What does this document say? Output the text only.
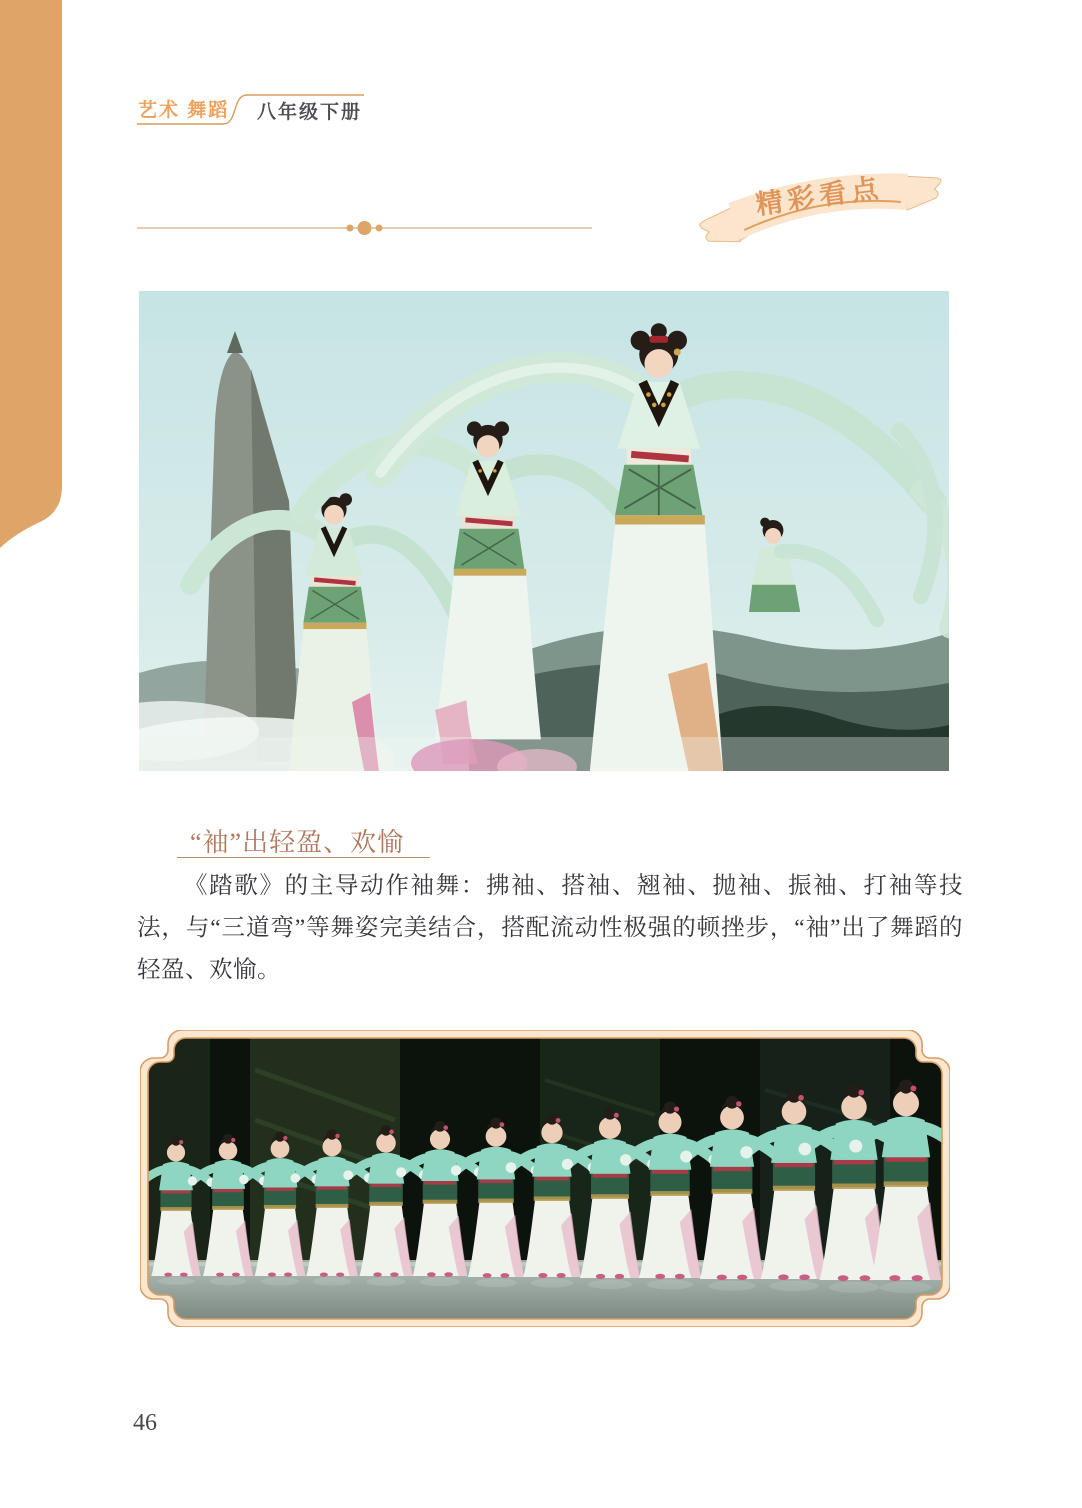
艺术 舞蹈 八年级下册
精彩看点
“袖”出轻盈、欢愉
《踏歌》的主导动作袖舞：拂袖、搭袖、翘袖、抛袖、振袖、打袖等技法，与“三道弯”等舞姿完美结合，搭配流动性极强的顿挫步，“袖”出了舞蹈的轻盈、欢愉。
46
